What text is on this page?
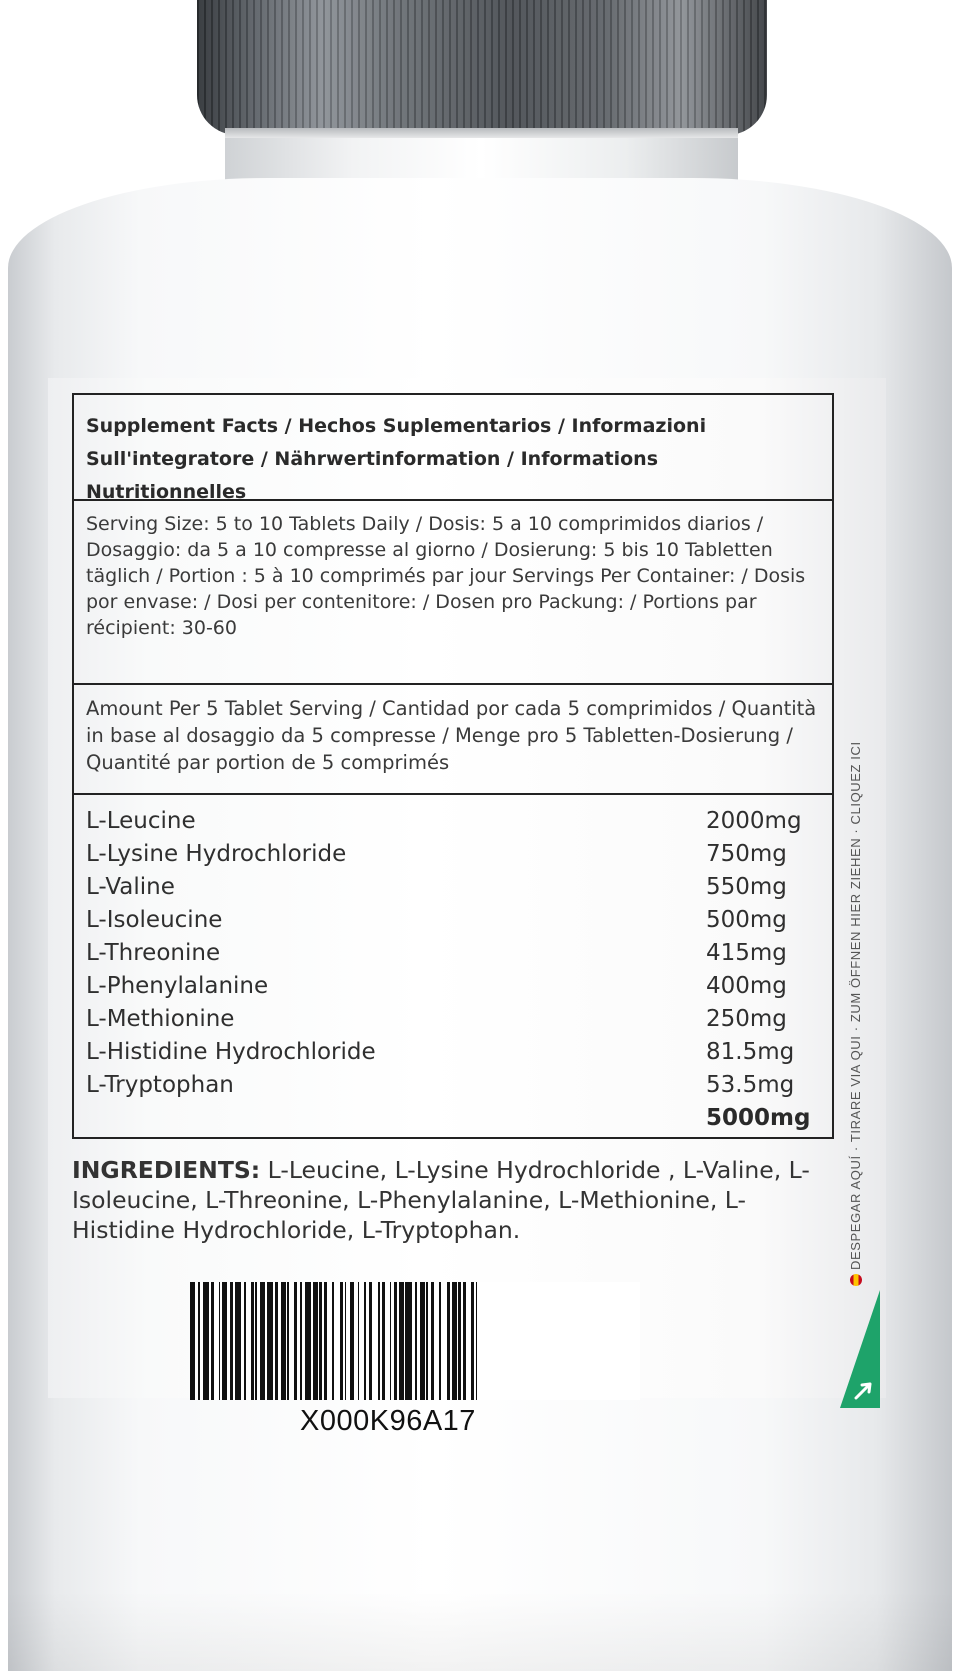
Supplement Facts / Hechos Suplementarios / Informazioni Sull'integratore / Nährwertinformation / Informations Nutritionnelles
Serving Size: 5 to 10 Tablets Daily / Dosis: 5 a 10 comprimidos diarios / Dosaggio: da 5 a 10 compresse al giorno / Dosierung: 5 bis 10 Tabletten täglich / Portion : 5 à 10 comprimés par jour Servings Per Container: / Dosis por envase: / Dosi per contenitore: / Dosen pro Packung: / Portions par récipient: 30-60
Amount Per 5 Tablet Serving / Cantidad por cada 5 comprimidos / Quantità in base al dosaggio da 5 compresse / Menge pro 5 Tabletten-Dosierung / Quantité par portion de 5 comprimés
L-Leucine	2000mg
L-Lysine Hydrochloride	750mg
L-Valine	550mg
L-Isoleucine	500mg
L-Threonine	415mg
L-Phenylalanine	400mg
L-Methionine	250mg
L-Histidine Hydrochloride	81.5mg
L-Tryptophan	53.5mg
5000mg
INGREDIENTS: L-Leucine, L-Lysine Hydrochloride , L-Valine, L-Isoleucine, L-Threonine, L-Phenylalanine, L-Methionine, L-Histidine Hydrochloride, L-Tryptophan.
X000K96A17
DESPEGAR AQUÍ · TIRARE VIA QUI · ZUM ÖFFNEN HIER ZIEHEN · CLIQUEZ ICI
